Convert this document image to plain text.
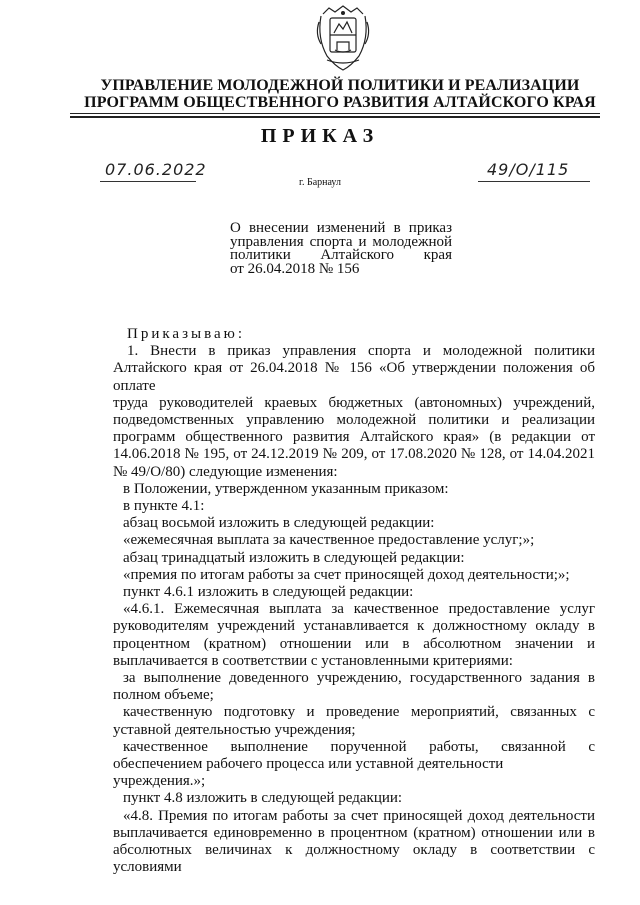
УПРАВЛЕНИЕ МОЛОДЕЖНОЙ ПОЛИТИКИ И РЕАЛИЗАЦИИ
ПРОГРАММ ОБЩЕСТВЕННОГО РАЗВИТИЯ АЛТАЙСКОГО КРАЯ
ПРИКАЗ
07.06.2022	49/О/115
г. Барнаул
О внесении изменений в приказ
управления спорта и молодежной
политики Алтайского края
от 26.04.2018 № 156

Приказываю:

1. Внести в приказ управления спорта и молодежной политики

Алтайского края от 26.04.2018 № 156 «Об утверждении положения об оплате

труда руководителей краевых бюджетных (автономных) учреждений,

подведомственных управлению молодежной политики и реализации

программ общественного развития Алтайского края» (в редакции от

14.06.2018 № 195, от 24.12.2019 № 209, от 17.08.2020 № 128, от 14.04.2021

№ 49/О/80) следующие изменения:

в Положении, утвержденном указанным приказом:

в пункте 4.1:

абзац восьмой изложить в следующей редакции:

«ежемесячная выплата за качественное предоставление услуг;»;

абзац тринадцатый изложить в следующей редакции:

«премия по итогам работы за счет приносящей доход деятельности;»;

пункт 4.6.1 изложить в следующей редакции:

«4.6.1. Ежемесячная выплата за качественное предоставление услуг

руководителям учреждений устанавливается к должностному окладу в

процентном (кратном) отношении или в абсолютном значении и

выплачивается в соответствии с установленными критериями:

за выполнение доведенного учреждению, государственного задания в

полном объеме;

качественную подготовку и проведение мероприятий, связанных с

уставной деятельностью учреждения;

качественное выполнение порученной работы, связанной с

обеспечением рабочего процесса или уставной деятельности учреждения.»;

пункт 4.8 изложить в следующей редакции:

«4.8. Премия по итогам работы за счет приносящей доход деятельности

выплачивается единовременно в процентном (кратном) отношении или в

абсолютных величинах к должностному окладу в соответствии с условиями
